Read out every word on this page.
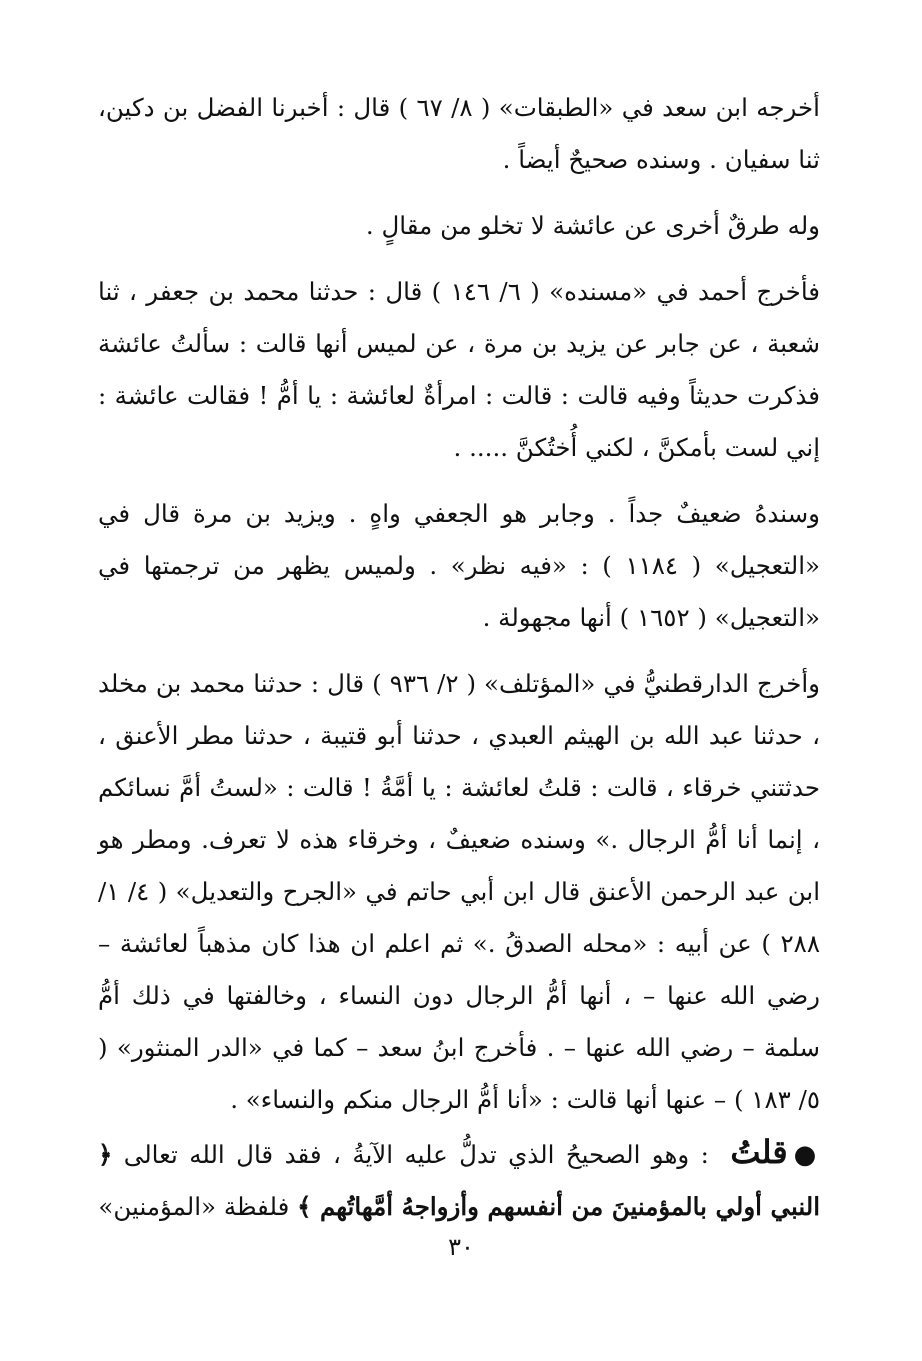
أخرجه ابن سعد في «الطبقات» ( ٨/ ٦٧ ) قال : أخبرنا الفضل بن دكين، ثنا سفيان . وسنده صحيحٌ أيضاً .

وله طرقٌ أخرى عن عائشة لا تخلو من مقالٍ .

فأخرج أحمد في «مسنده» ( ٦/ ١٤٦ ) قال : حدثنا محمد بن جعفر ، ثنا شعبة ، عن جابر عن يزيد بن مرة ، عن لميس أنها قالت : سألتُ عائشة فذكرت حديثاً وفيه قالت : قالت : امرأةٌ لعائشة : يا أمُّ ! فقالت عائشة : إني لست بأمكنَّ ، لكني أُختُكنَّ ..... .

وسندهُ ضعيفٌ جداً . وجابر هو الجعفي واهٍ . ويزيد بن مرة قال في «التعجيل» ( ١١٨٤ ) : «فيه نظر» . ولميس يظهر من ترجمتها في «التعجيل» ( ١٦٥٢ ) أنها مجهولة .

وأخرج الدارقطنيُّ في «المؤتلف» ( ٢/ ٩٣٦ ) قال : حدثنا محمد بن مخلد ، حدثنا عبد الله بن الهيثم العبدي ، حدثنا أبو قتيبة ، حدثنا مطر الأعنق ، حدثتني خرقاء ، قالت : قلتُ لعائشة : يا أمَّةُ ! قالت : «لستُ أمَّ نسائكم ، إنما أنا أمُّ الرجال .» وسنده ضعيفٌ ، وخرقاء هذه لا تعرف. ومطر هو ابن عبد الرحمن الأعنق قال ابن أبي حاتم في «الجرح والتعديل» ( ٤/ ١/ ٢٨٨ ) عن أبيه : «محله الصدقُ .» ثم اعلم ان هذا كان مذهباً لعائشة – رضي الله عنها – ، أنها أمُّ الرجال دون النساء ، وخالفتها في ذلك أمُّ سلمة – رضي الله عنها – . فأخرج ابنُ سعد – كما في «الدر المنثور» ( ٥/ ١٨٣ ) – عنها أنها قالت : «أنا أمُّ الرجال منكم والنساء» .

●قلتُ : وهو الصحيحُ الذي تدلُّ عليه الآيةُ ، فقد قال الله تعالى ﴿ النبي أولي بالمؤمنينَ من أنفسهم وأزواجهُ أمَّهاتُهم ﴾ فلفظة «المؤمنين»

٣٠
